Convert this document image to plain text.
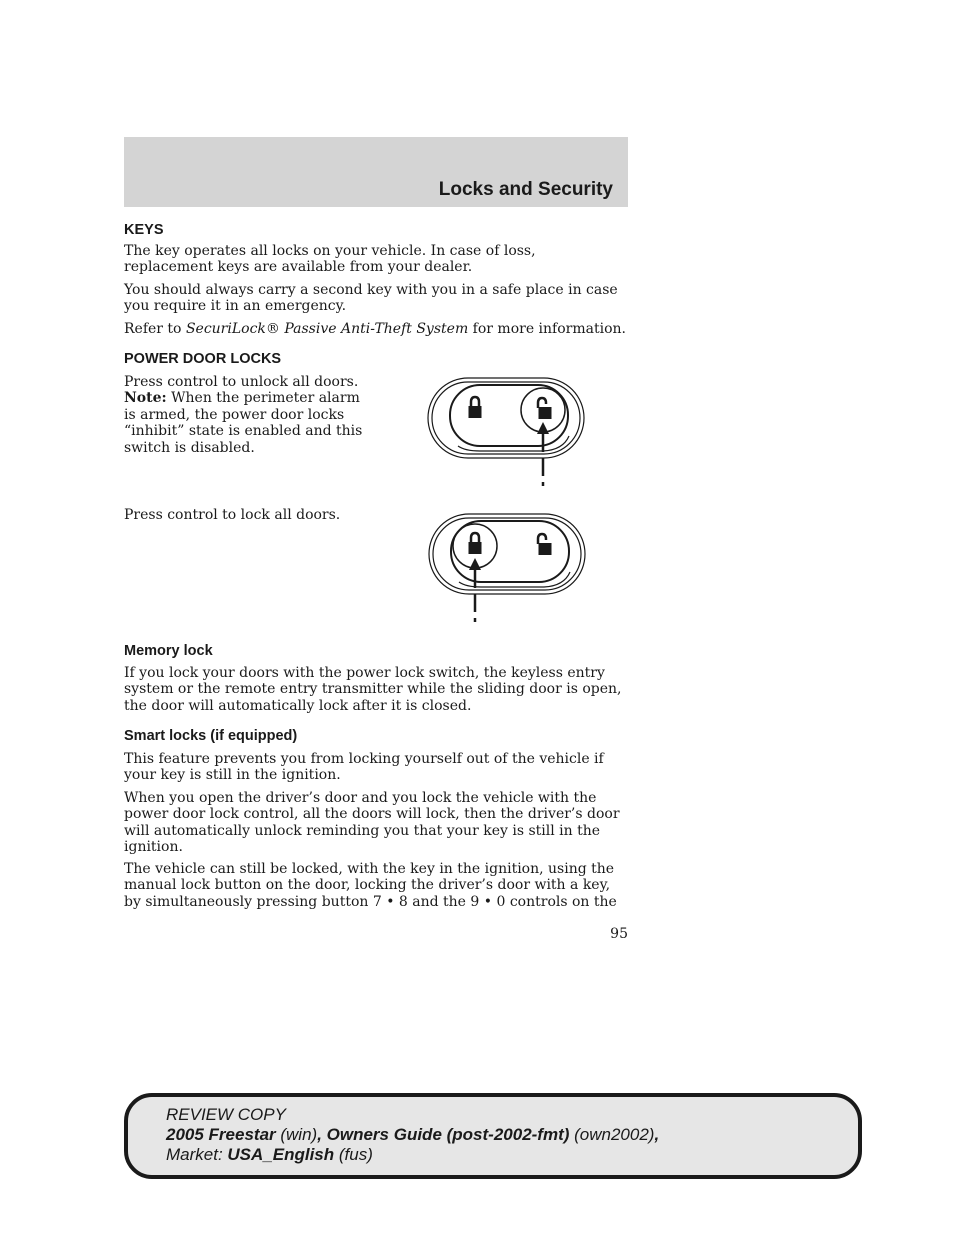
Locks and Security
KEYS

The key operates all locks on your vehicle. In case of loss, replacement keys are available from your dealer.

You should always carry a second key with you in a safe place in case you require it in an emergency.

Refer to SecuriLock® Passive Anti-Theft System for more information.

POWER DOOR LOCKS

Press control to unlock all doors.
Note: When the perimeter alarm is armed, the power door locks “inhibit” state is enabled and this switch is disabled.

Press control to lock all doors.

Memory lock

If you lock your doors with the power lock switch, the keyless entry system or the remote entry transmitter while the sliding door is open, the door will automatically lock after it is closed.

Smart locks (if equipped)

This feature prevents you from locking yourself out of the vehicle if your key is still in the ignition.

When you open the driver’s door and you lock the vehicle with the power door lock control, all the doors will lock, then the driver’s door will automatically unlock reminding you that your key is still in the ignition.

The vehicle can still be locked, with the key in the ignition, using the manual lock button on the door, locking the driver’s door with a key, by simultaneously pressing button 7 • 8 and the 9 • 0 controls on the

95
REVIEW COPY
2005 Freestar (win), Owners Guide (post-2002-fmt) (own2002),
Market: USA_English (fus)
